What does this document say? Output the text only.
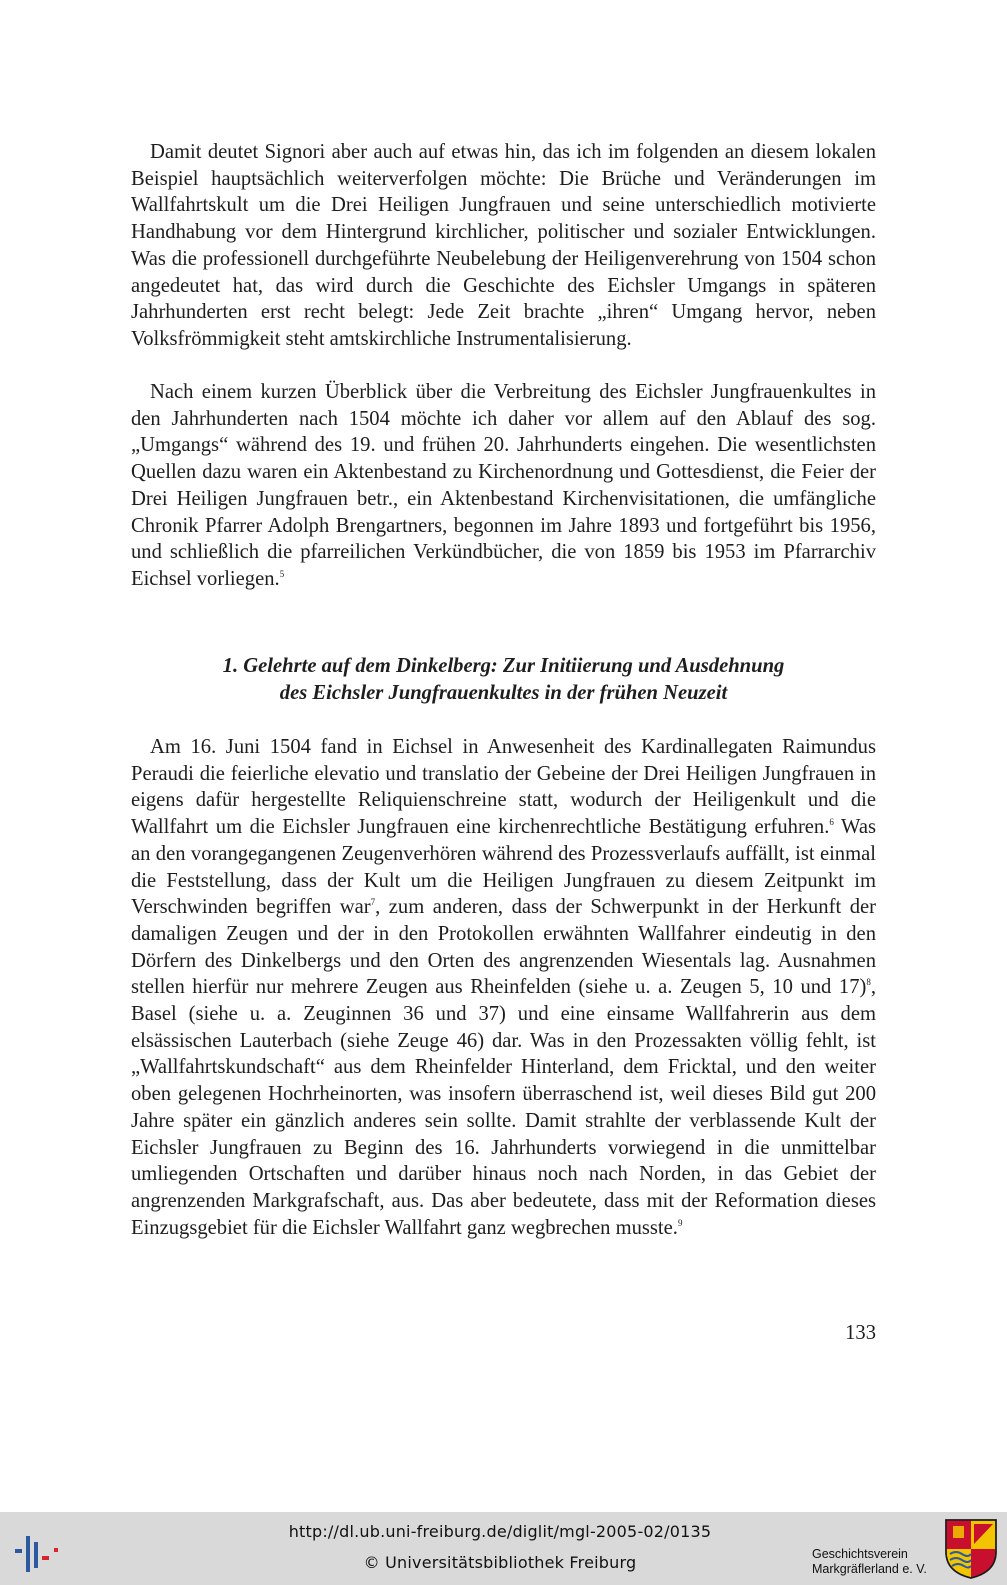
Damit deutet Signori aber auch auf etwas hin, das ich im folgenden an diesem lokalen Beispiel hauptsächlich weiterverfolgen möchte: Die Brüche und Veränderungen im Wallfahrtskult um die Drei Heiligen Jungfrauen und seine unterschiedlich motivierte Handhabung vor dem Hintergrund kirchlicher, politischer und sozialer Entwicklungen. Was die professionell durchgeführte Neubelebung der Heiligenverehrung von 1504 schon angedeutet hat, das wird durch die Geschichte des Eichsler Umgangs in späteren Jahrhunderten erst recht belegt: Jede Zeit brachte „ihren“ Umgang hervor, neben Volksfrömmigkeit steht amtskirchliche Instrumentalisierung.

Nach einem kurzen Überblick über die Verbreitung des Eichsler Jungfrauenkultes in den Jahrhunderten nach 1504 möchte ich daher vor allem auf den Ablauf des sog. „Umgangs“ während des 19. und frühen 20. Jahrhunderts eingehen. Die wesentlichsten Quellen dazu waren ein Aktenbestand zu Kirchenordnung und Gottesdienst, die Feier der Drei Heiligen Jungfrauen betr., ein Aktenbestand Kirchenvisitationen, die umfängliche Chronik Pfarrer Adolph Brengartners, begonnen im Jahre 1893 und fortgeführt bis 1956, und schließlich die pfarreilichen Verkündbücher, die von 1859 bis 1953 im Pfarrarchiv Eichsel vorliegen.$^5$

1. Gelehrte auf dem Dinkelberg: Zur Initiierung und Ausdehnung
des Eichsler Jungfrauenkultes in der frühen Neuzeit

Am 16. Juni 1504 fand in Eichsel in Anwesenheit des Kardinallegaten Raimundus Peraudi die feierliche elevatio und translatio der Gebeine der Drei Heiligen Jungfrauen in eigens dafür hergestellte Reliquienschreine statt, wodurch der Heiligenkult und die Wallfahrt um die Eichsler Jungfrauen eine kirchenrechtliche Bestätigung erfuhren.$^6$ Was an den vorangegangenen Zeugenverhören während des Prozessverlaufs auffällt, ist einmal die Feststellung, dass der Kult um die Heiligen Jungfrauen zu diesem Zeitpunkt im Verschwinden begriffen war$^7$, zum anderen, dass der Schwerpunkt in der Herkunft der damaligen Zeugen und der in den Protokollen erwähnten Wallfahrer eindeutig in den Dörfern des Dinkelbergs und den Orten des angrenzenden Wiesentals lag. Ausnahmen stellen hierfür nur mehrere Zeugen aus Rheinfelden (siehe u. a. Zeugen 5, 10 und 17)$^8$, Basel (siehe u. a. Zeuginnen 36 und 37) und eine einsame Wallfahrerin aus dem elsässischen Lauterbach (siehe Zeuge 46) dar. Was in den Prozessakten völlig fehlt, ist „Wallfahrtskundschaft“ aus dem Rheinfelder Hinterland, dem Fricktal, und den weiter oben gelegenen Hochrheinorten, was insofern überraschend ist, weil dieses Bild gut 200 Jahre später ein gänzlich anderes sein sollte. Damit strahlte der verblassende Kult der Eichsler Jungfrauen zu Beginn des 16. Jahrhunderts vorwiegend in die unmittelbar umliegenden Ortschaften und darüber hinaus noch nach Norden, in das Gebiet der angrenzenden Markgrafschaft, aus. Das aber bedeutete, dass mit der Reformation dieses Einzugsgebiet für die Eichsler Wallfahrt ganz wegbrechen musste.$^9$

133
http://dl.ub.uni-freiburg.de/diglit/mgl-2005-02/0135
© Universitätsbibliothek Freiburg	Geschichtsverein
Markgräflerland e. V.
